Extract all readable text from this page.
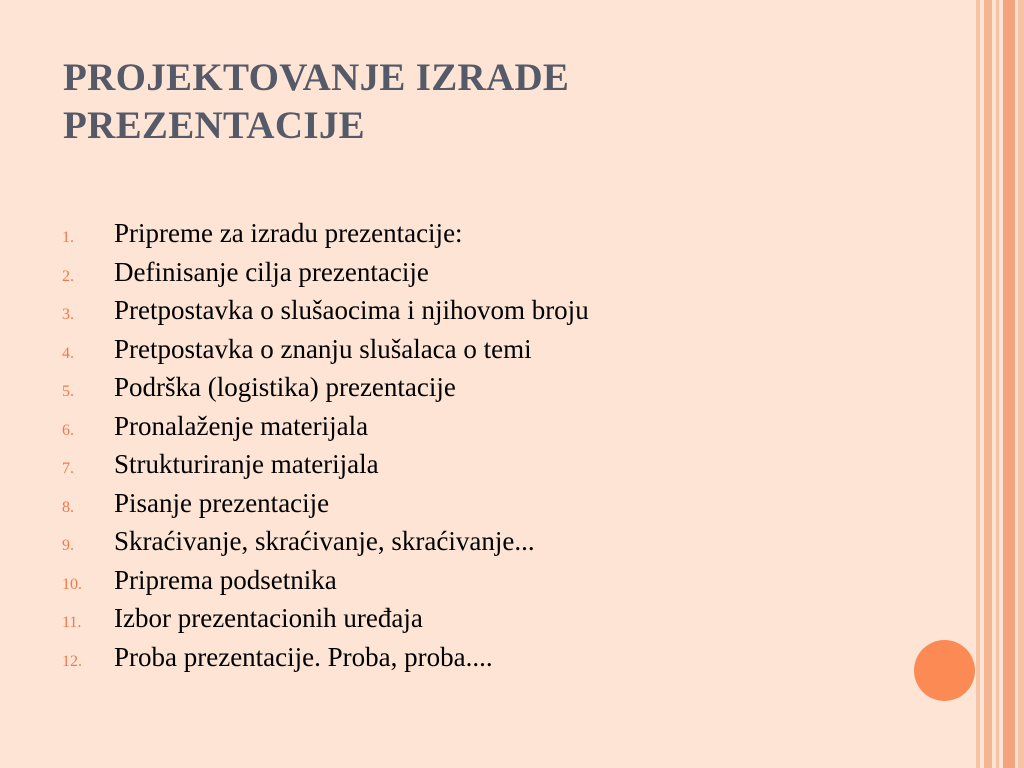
PROJEKTOVANJE IZRADE
PREZENTACIJE
1.	Pripreme za izradu prezentacije:
2.	Definisanje cilja prezentacije
3.	Pretpostavka o slušaocima i njihovom broju
4.	Pretpostavka o znanju slušalaca o temi
5.	Podrška (logistika) prezentacije
6.	Pronalaženje materijala
7.	Strukturiranje materijala
8.	Pisanje prezentacije
9.	Skraćivanje, skraćivanje, skraćivanje...
10.	Priprema podsetnika
11.	Izbor prezentacionih uređaja
12.	Proba prezentacije. Proba, proba....
